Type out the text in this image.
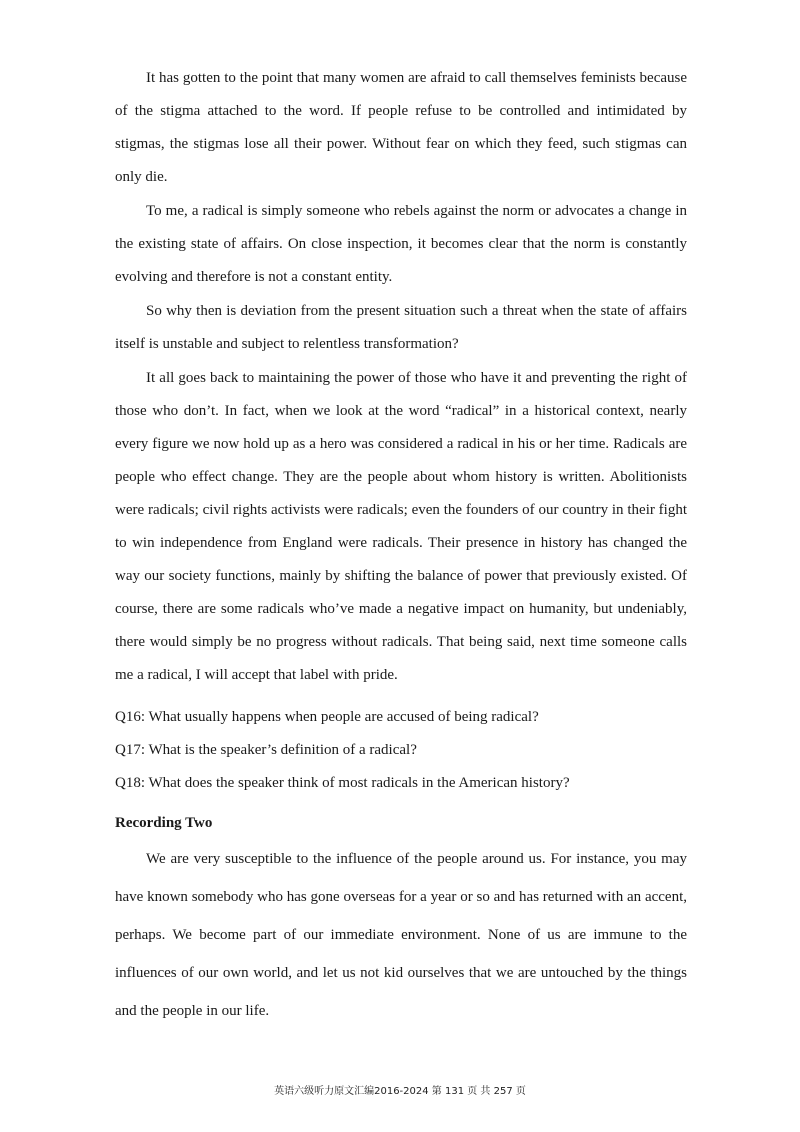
It has gotten to the point that many women are afraid to call themselves feminists because of the stigma attached to the word. If people refuse to be controlled and intimidated by stigmas, the stigmas lose all their power. Without fear on which they feed, such stigmas can only die.

To me, a radical is simply someone who rebels against the norm or advocates a change in the existing state of affairs. On close inspection, it becomes clear that the norm is constantly evolving and therefore is not a constant entity.

So why then is deviation from the present situation such a threat when the state of affairs itself is unstable and subject to relentless transformation?

It all goes back to maintaining the power of those who have it and preventing the right of those who don’t. In fact, when we look at the word “radical” in a historical context, nearly every figure we now hold up as a hero was considered a radical in his or her time. Radicals are people who effect change. They are the people about whom history is written. Abolitionists were radicals; civil rights activists were radicals; even the founders of our country in their fight to win independence from England were radicals. Their presence in history has changed the way our society functions, mainly by shifting the balance of power that previously existed. Of course, there are some radicals who’ve made a negative impact on humanity, but undeniably, there would simply be no progress without radicals. That being said, next time someone calls me a radical, I will accept that label with pride.

Q16: What usually happens when people are accused of being radical?

Q17: What is the speaker’s definition of a radical?

Q18: What does the speaker think of most radicals in the American history?

Recording Two

We are very susceptible to the influence of the people around us. For instance, you may have known somebody who has gone overseas for a year or so and has returned with an accent, perhaps. We become part of our immediate environment. None of us are immune to the influences of our own world, and let us not kid ourselves that we are untouched by the things and the people in our life.

英语六级听力原文汇编2016-2024 第 131 页 共 257 页
